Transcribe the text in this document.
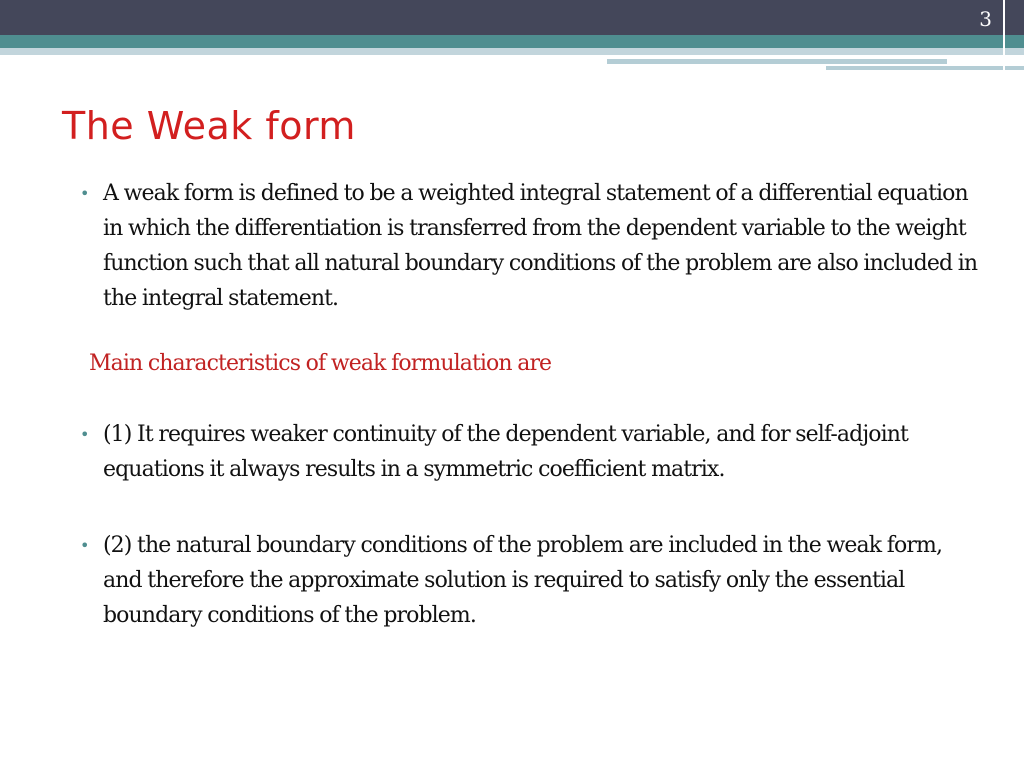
3
The Weak form
• A weak form is defined to be a weighted integral statement of a differential equation in which the differentiation is transferred from the dependent variable to the weight function such that all natural boundary conditions of the problem are also included in the integral statement.
Main characteristics of weak formulation are
• (1) It requires weaker continuity of the dependent variable, and for self-adjoint equations it always results in a symmetric coefficient matrix.
• (2) the natural boundary conditions of the problem are included in the weak form, and therefore the approximate solution is required to satisfy only the essential boundary conditions of the problem.
